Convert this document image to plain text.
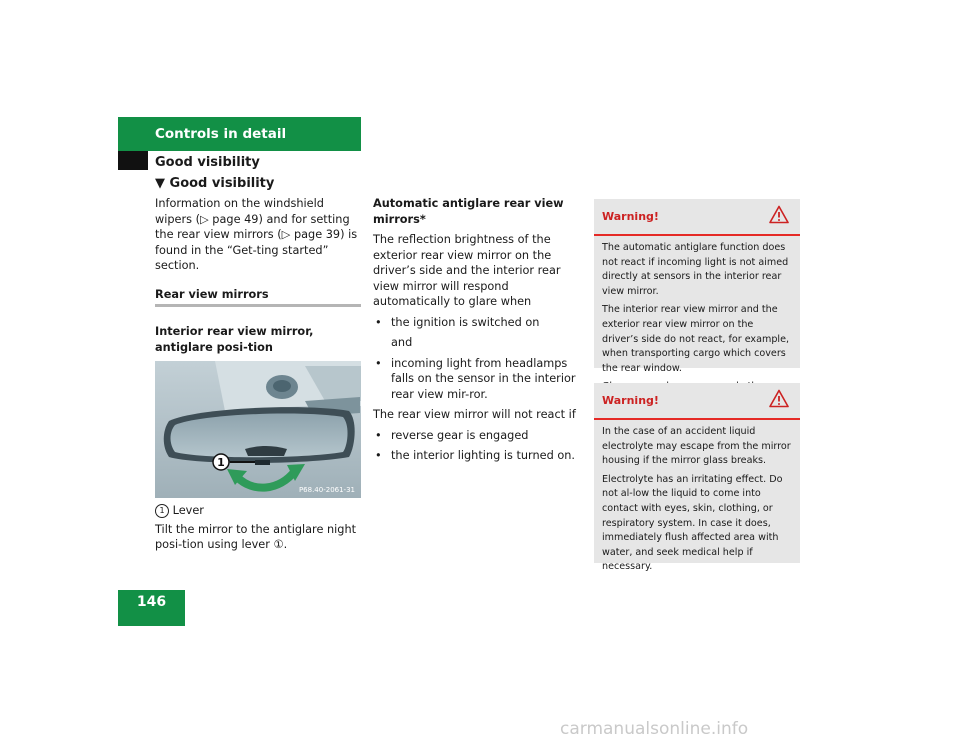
Controls in detail
Good visibility
▼ Good visibility

Information on the windshield wipers (▷ page 49) and for setting the rear view mirrors (▷ page 39) is found in the “Get-ting started” section.

Rear view mirrors

Interior rear view mirror, antiglare posi-tion

1
P68.40-2061-31

1 Lever

Tilt the mirror to the antiglare night posi-tion using lever ①.

Automatic antiglare rear view mirrors*

The reflection brightness of the exterior rear view mirror on the driver’s side and the interior rear view mirror will respond automatically to glare when

• the ignition is switched on

and

• incoming light from headlamps falls on the sensor in the interior rear view mir-ror.

The rear view mirror will not react if

• reverse gear is engaged

• the interior lighting is turned on.

Warning!

The automatic antiglare function does not react if incoming light is not aimed directly at sensors in the interior rear view mirror.

The interior rear view mirror and the exterior rear view mirror on the driver’s side do not react, for example, when transporting cargo which covers the rear window.

Warning!

In the case of an accident liquid electrolyte may escape from the mirror housing if the mirror glass breaks.

Electrolyte has an irritating effect. Do not al-low the liquid to come into contact with eyes, skin, clothing, or respiratory system. In case it does, immediately flush affected area with water, and seek medical help if necessary.

146
carmanualsonline.info
